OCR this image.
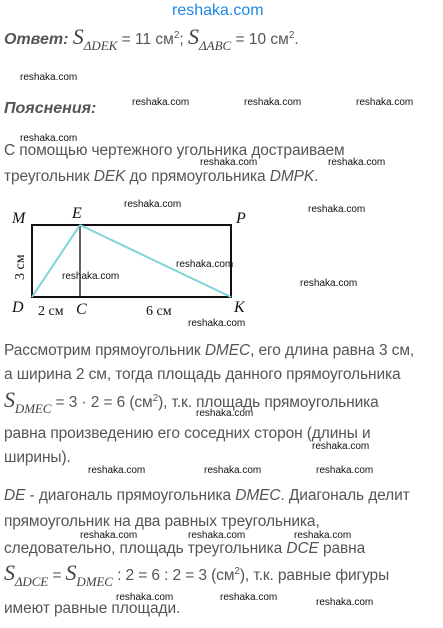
reshaka.com
Ответ: $S_{\Delta DEK} = 11$ $см^2$; $S_{\Delta ABC} = 10$ $см^2$.
reshaka.com
Пояснения:	reshaka.com	reshaka.com	reshaka.com
reshaka.com
С помощью чертежного угольника достраиваем
reshaka.com	reshaka.com
треугольник DEK до прямоугольника DMPK.
M	E	P
D	C	K
3 см
2 см	6 см
reshaka.com	reshaka.com
reshaka.com
reshaka.com
reshaka.com
reshaka.com
Рассмотрим прямоугольник DMEC, его длина равна 3 см,
а ширина 2 см, тогда площадь данного прямоугольника
$S_{DMEC} = 3 \cdot 2 = 6$ $(см^2)$, т.к. площадь прямоугольника
reshaka.com
равна произведению его соседних сторон (длины и
reshaka.com
ширины).
reshaka.com	reshaka.com	reshaka.com
DE - диагональ прямоугольника DMEC. Диагональ делит
прямоугольник на два равных треугольника,
reshaka.com	reshaka.com	reshaka.com
следовательно, площадь треугольника DCE равна
$S_{\Delta DCE} = S_{DMEC}$ : 2 = 6 : 2 = 3 $(см^2)$, т.к. равные фигуры
reshaka.com	reshaka.com	reshaka.com
имеют равные площади.
